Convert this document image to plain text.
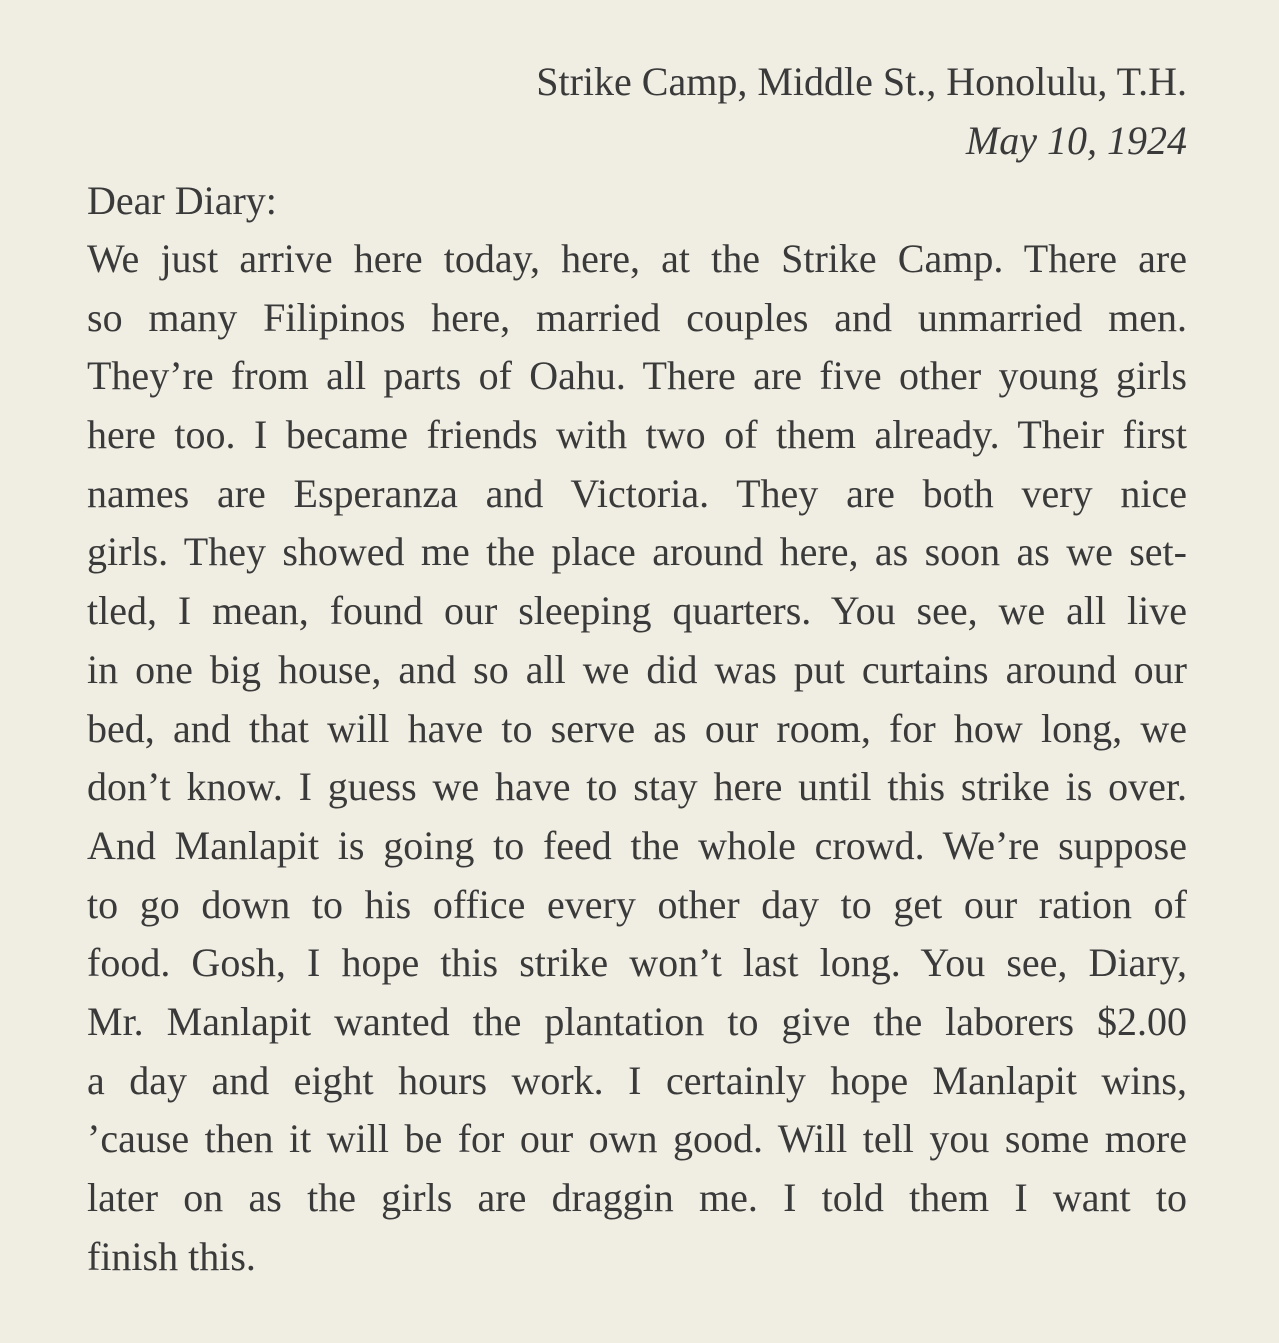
Strike Camp, Middle St., Honolulu, T.H.
May 10, 1924
Dear Diary:
We just arrive here today, here, at the Strike Camp. There are
so many Filipinos here, married couples and unmarried men.
They’re from all parts of Oahu. There are five other young girls
here too. I became friends with two of them already. Their first
names are Esperanza and Victoria. They are both very nice
girls. They showed me the place around here, as soon as we set-
tled, I mean, found our sleeping quarters. You see, we all live
in one big house, and so all we did was put curtains around our
bed, and that will have to serve as our room, for how long, we
don’t know. I guess we have to stay here until this strike is over.
And Manlapit is going to feed the whole crowd. We’re suppose
to go down to his office every other day to get our ration of
food. Gosh, I hope this strike won’t last long. You see, Diary,
Mr. Manlapit wanted the plantation to give the laborers $2.00
a day and eight hours work. I certainly hope Manlapit wins,
’cause then it will be for our own good. Will tell you some more
later on as the girls are draggin me. I told them I want to
finish this.
